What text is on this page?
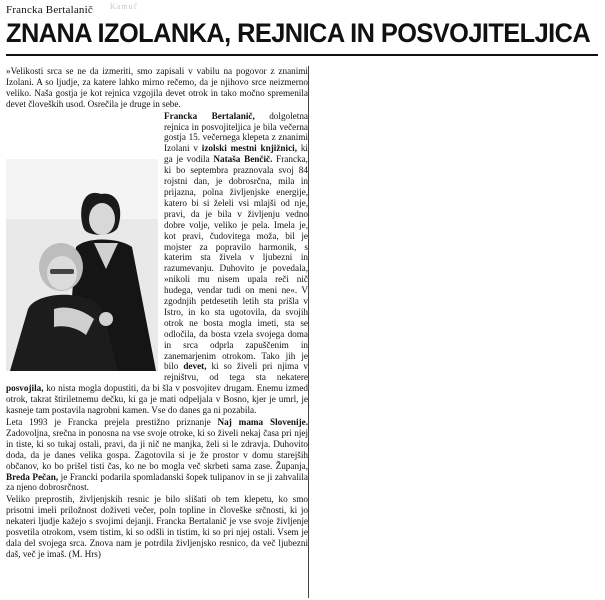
Francka Bertalanič Kamuč
ZNANA IZOLANKA, REJNICA IN POSVOJITELJICA

»Velikosti srca se ne da izmeriti, smo zapisali v vabilu na pogovor z znanimi Izolani. A so ljudje, za katere lahko mirno rečemo, da je njihovo srce neizmerno veliko. Naša gostja je kot rejnica vzgojila devet otrok in tako močno spremenila devet človeških usod. Osrečila je druge in sebe.

Francka Bertalanič, dolgoletna rejnica in posvojiteljica je bila večerna gostja 15. večernega klepeta z znanimi Izolani v izolski mestni knjižnici, ki ga je vodila Nataša Benčič. Francka, ki bo septembra praznovala svoj 84 rojstni dan, je dobrosrčna, mila in prijazna, polna življenjske energije, katero bi si želeli vsi mlajši od nje, pravi, da je bila v življenju vedno dobre volje, veliko je pela. Imela je, kot pravi, čudovitega moža, bil je mojster za popravilo harmonik, s katerim sta živela v ljubezni in razumevanju. Duhovito je povedala, »nikoli mu nisem upala reči nič hudega, vendar tudi on meni ne«. V zgodnjih petdesetih letih sta prišla v Istro, in ko sta ugotovila, da svojih otrok ne bosta mogla imeti, sta se odločila, da bosta vzela svojega doma in srca odprla zapuščenim in zanemarjenim otrokom. Tako jih je bilo devet, ki so živeli pri njima v rejništvu, od tega sta nekatere posvojila, ko nista mogla dopustiti, da bi šla v posvojitev drugam. Enemu izmed otrok, takrat štiriletnemu dečku, ki ga je mati odpeljala v Bosno, kjer je umrl, je kasneje tam postavila nagrobni kamen. Vse do danes ga ni pozabila.

Leta 1993 je Francka prejela prestižno priznanje Naj mama Slovenije. Zadovoljna, srečna in ponosna na vse svoje otroke, ki so živeli nekaj časa pri njej in tiste, ki so tukaj ostali, pravi, da ji nič ne manjka, želi si le zdravja. Duhovito doda, da je danes velika gospa. Zagotovila si je že prostor v domu starejših občanov, ko bo prišel tisti čas, ko ne bo mogla več skrbeti sama zase. Županja, Breda Pečan, je Francki podarila spomladanski šopek tulipanov in se ji zahvalila za njeno dobrosrčnost.

Veliko preprostih, življenjskih resnic je bilo slišati ob tem klepetu, ko smo prisotni imeli priložnost doživeti večer, poln topline in človeške srčnosti, ki jo nekateri ljudje kažejo s svojimi dejanji. Francka Bertalanič je vse svoje življenje posvetila otrokom, vsem tistim, ki so odšli in tistim, ki so pri njej ostali. Vsem je dala del svojega srca. Znova nam je potrdila življenjsko resnico, da več ljubezni daš, več je imaš. (M. Hrs)
